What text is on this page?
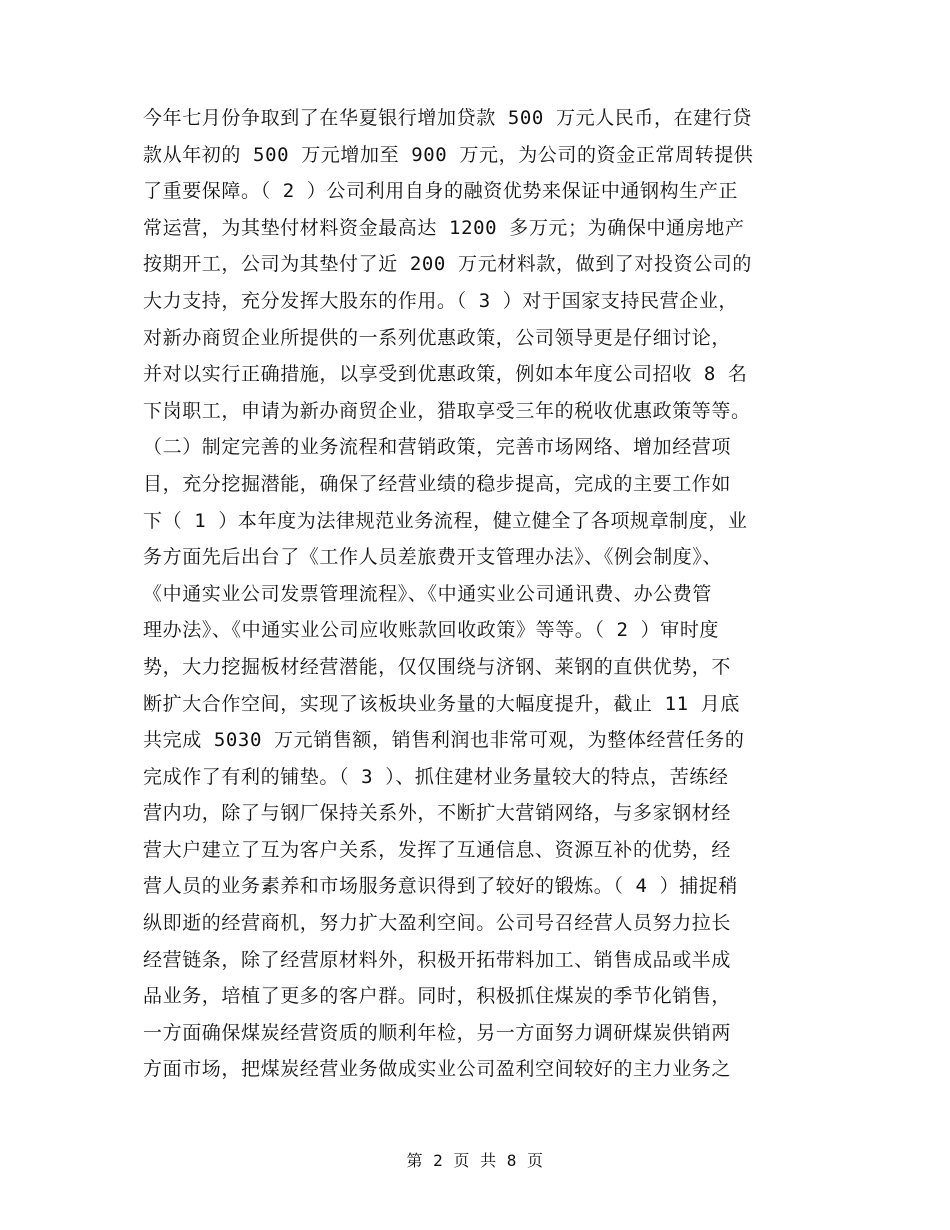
今年七月份争取到了在华夏银行增加贷款 500 万元人民币，在建行贷
款从年初的 500 万元增加至 900 万元，为公司的资金正常周转提供
了重要保障。（ 2 ）公司利用自身的融资优势来保证中通钢构生产正
常运营，为其垫付材料资金最高达 1200 多万元；为确保中通房地产
按期开工，公司为其垫付了近 200 万元材料款，做到了对投资公司的
大力支持，充分发挥大股东的作用。（ 3 ）对于国家支持民营企业，
对新办商贸企业所提供的一系列优惠政策，公司领导更是仔细讨论，
并对以实行正确措施，以享受到优惠政策，例如本年度公司招收 8 名
下岗职工，申请为新办商贸企业，猎取享受三年的税收优惠政策等等。
（二）制定完善的业务流程和营销政策，完善市场网络、增加经营项
目，充分挖掘潜能，确保了经营业绩的稳步提高，完成的主要工作如
下（ 1 ）本年度为法律规范业务流程，健立健全了各项规章制度，业
务方面先后出台了《工作人员差旅费开支管理办法》、《例会制度》、
《中通实业公司发票管理流程》、《中通实业公司通讯费、办公费管
理办法》、《中通实业公司应收账款回收政策》等等。（ 2 ）审时度
势，大力挖掘板材经营潜能，仅仅围绕与济钢、莱钢的直供优势，不
断扩大合作空间，实现了该板块业务量的大幅度提升，截止 11 月底
共完成 5030 万元销售额，销售利润也非常可观，为整体经营任务的
完成作了有利的铺垫。（ 3 ）、抓住建材业务量较大的特点，苦练经
营内功，除了与钢厂保持关系外，不断扩大营销网络，与多家钢材经
营大户建立了互为客户关系，发挥了互通信息、资源互补的优势，经
营人员的业务素养和市场服务意识得到了较好的锻炼。（ 4 ）捕捉稍
纵即逝的经营商机，努力扩大盈利空间。公司号召经营人员努力拉长
经营链条，除了经营原材料外，积极开拓带料加工、销售成品或半成
品业务，培植了更多的客户群。同时，积极抓住煤炭的季节化销售，
一方面确保煤炭经营资质的顺利年检，另一方面努力调研煤炭供销两
方面市场，把煤炭经营业务做成实业公司盈利空间较好的主力业务之
第 2 页 共 8 页
